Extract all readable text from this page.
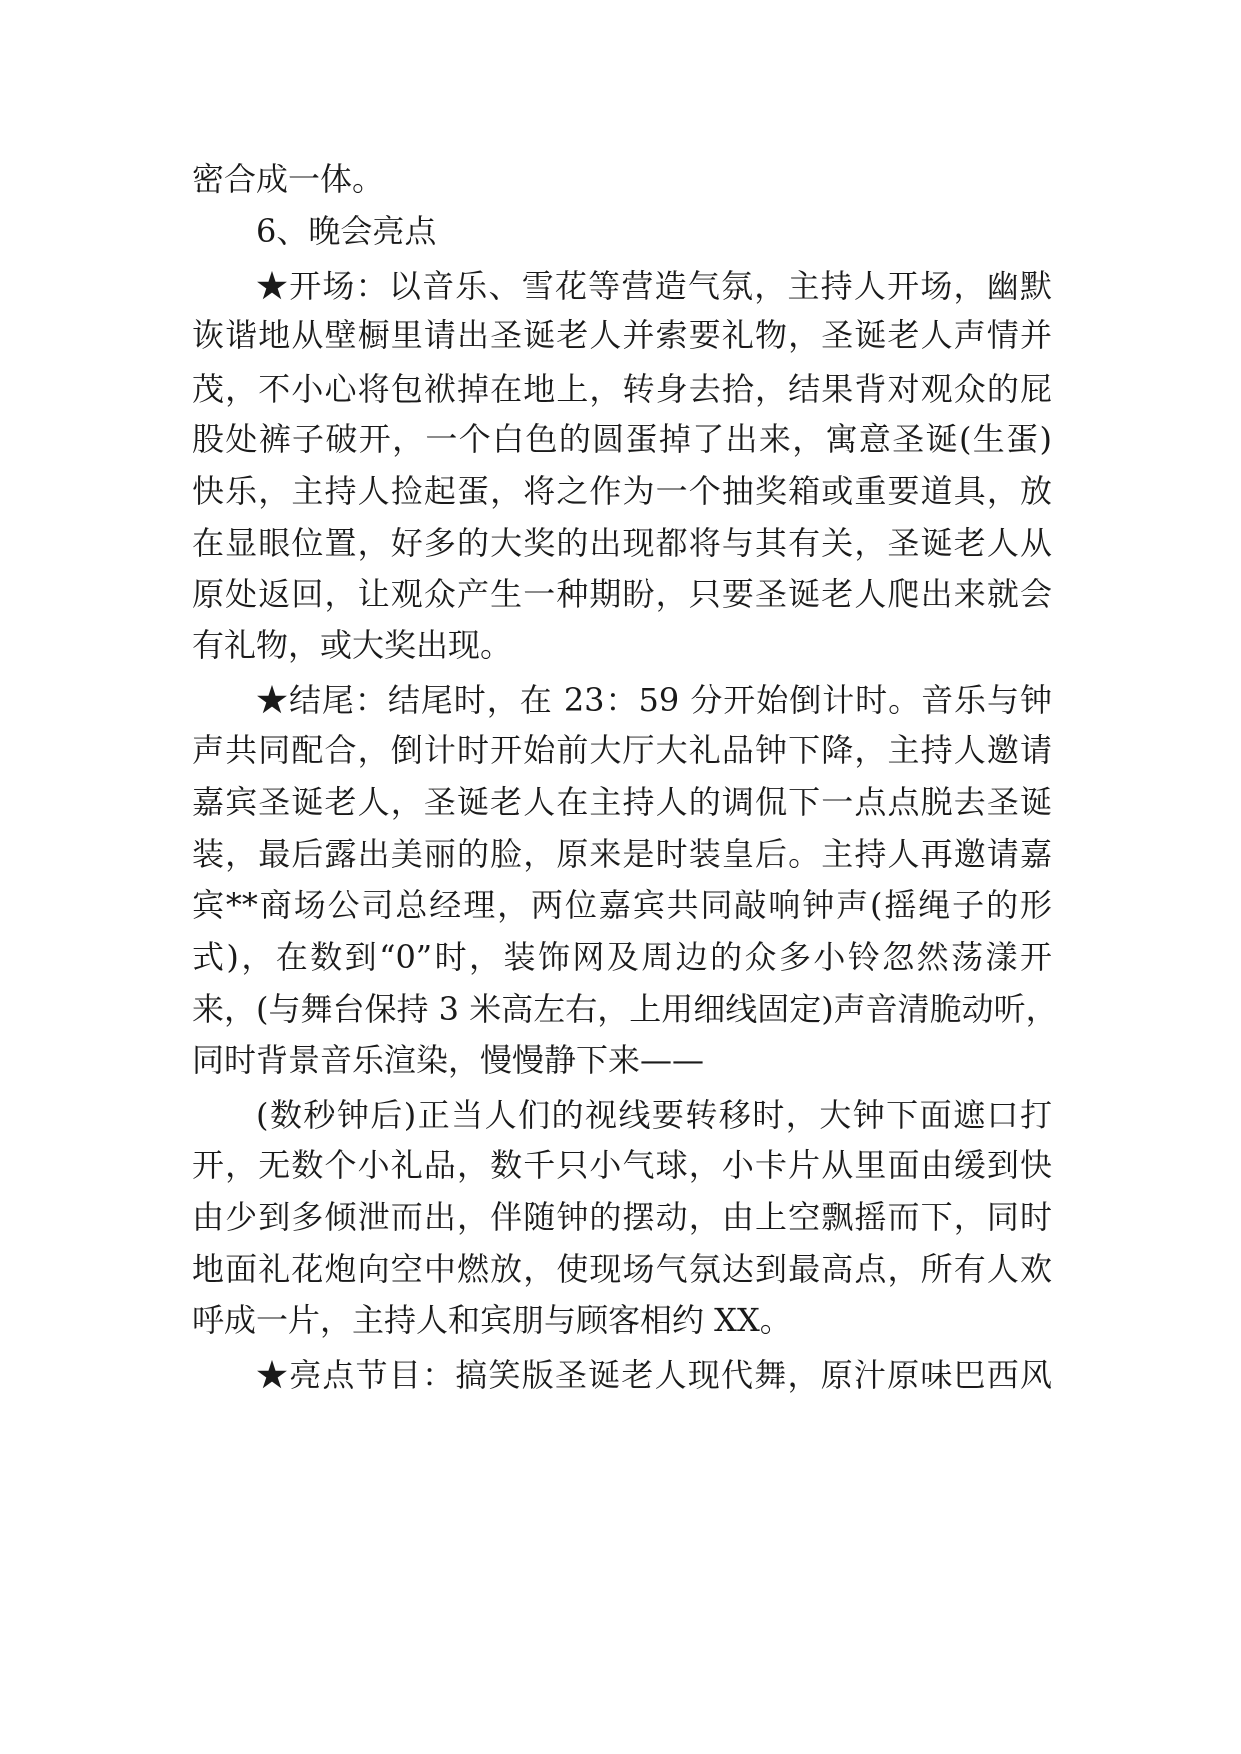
密合成一体。
6、晚会亮点
★开场：以音乐、雪花等营造气氛，主持人开场，幽默
诙谐地从壁橱里请出圣诞老人并索要礼物，圣诞老人声情并
茂，不小心将包袱掉在地上，转身去拾，结果背对观众的屁
股处裤子破开，一个白色的圆蛋掉了出来，寓意圣诞(生蛋)
快乐，主持人捡起蛋，将之作为一个抽奖箱或重要道具，放
在显眼位置，好多的大奖的出现都将与其有关，圣诞老人从
原处返回，让观众产生一种期盼，只要圣诞老人爬出来就会
有礼物，或大奖出现。
★结尾：结尾时，在 23：59 分开始倒计时。音乐与钟
声共同配合，倒计时开始前大厅大礼品钟下降，主持人邀请
嘉宾圣诞老人，圣诞老人在主持人的调侃下一点点脱去圣诞
装，最后露出美丽的脸，原来是时装皇后。主持人再邀请嘉
宾**商场公司总经理，两位嘉宾共同敲响钟声(摇绳子的形
式)，在数到“0”时，装饰网及周边的众多小铃忽然荡漾开
来，(与舞台保持 3 米高左右，上用细线固定)声音清脆动听，
同时背景音乐渲染，慢慢静下来——
(数秒钟后)正当人们的视线要转移时，大钟下面遮口打
开，无数个小礼品，数千只小气球，小卡片从里面由缓到快
由少到多倾泄而出，伴随钟的摆动，由上空飘摇而下，同时
地面礼花炮向空中燃放，使现场气氛达到最高点，所有人欢
呼成一片，主持人和宾朋与顾客相约 XX。
★亮点节目：搞笑版圣诞老人现代舞，原汁原味巴西风
